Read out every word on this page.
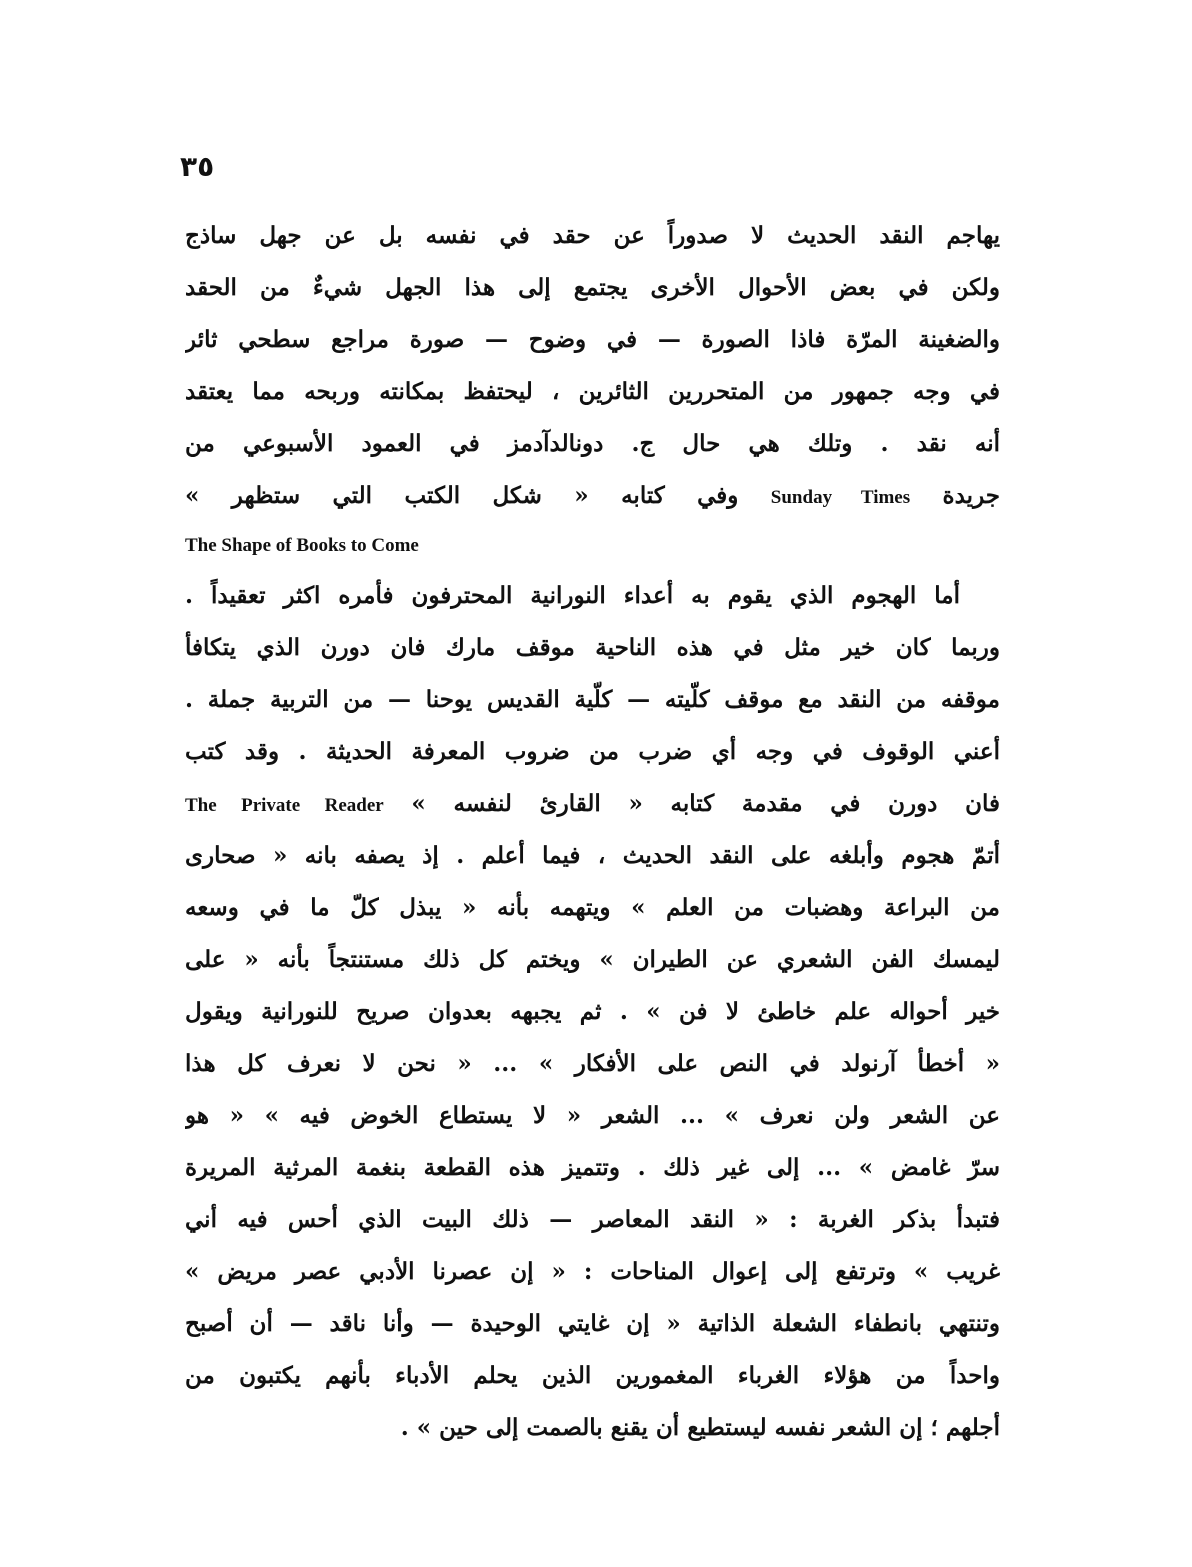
٣٥
يهاجم النقد الحديث لا صدوراً عن حقد في نفسه بل عن جهل ساذج
ولكن في بعض الأحوال الأخرى يجتمع إلى هذا الجهل شيءٌ من الحقد
والضغينة المرّة فاذا الصورة — في وضوح — صورة مراجع سطحي ثائر
في وجه جمهور من المتحررين الثائرين ، ليحتفظ بمكانته وربحه مما يعتقد
أنه نقد . وتلك هي حال ج. دونالدآدمز في العمود الأسبوعي من
جريدة Sunday Times وفي كتابه « شكل الكتب التي ستظهر »
The Shape of Books to Come
أما الهجوم الذي يقوم به أعداء النورانية المحترفون فأمره اكثر تعقيداً .
وربما كان خير مثل في هذه الناحية موقف مارك فان دورن الذي يتكافأ
موقفه من النقد مع موقف كلّيته — كلّية القديس يوحنا — من التربية جملة .
أعني الوقوف في وجه أي ضرب من ضروب المعرفة الحديثة . وقد كتب
فان دورن في مقدمة كتابه « القارئ لنفسه » The Private Reader
أتمّ هجوم وأبلغه على النقد الحديث ، فيما أعلم . إذ يصفه بانه « صحارى
من البراعة وهضبات من العلم » ويتهمه بأنه « يبذل كلّ ما في وسعه
ليمسك الفن الشعري عن الطيران » ويختم كل ذلك مستنتجاً بأنه « على
خير أحواله علم خاطئ لا فن » . ثم يجبهه بعدوان صريح للنورانية ويقول
« أخطأ آرنولد في النص على الأفكار » ... « نحن لا نعرف كل هذا
عن الشعر ولن نعرف » ... الشعر « لا يستطاع الخوض فيه » « هو
سرّ غامض » ... إلى غير ذلك . وتتميز هذه القطعة بنغمة المرثية المريرة
فتبدأ بذكر الغربة : « النقد المعاصر — ذلك البيت الذي أحس فيه أني
غريب » وترتفع إلى إعوال المناحات : « إن عصرنا الأدبي عصر مريض »
وتنتهي بانطفاء الشعلة الذاتية « إن غايتي الوحيدة — وأنا ناقد — أن أصبح
واحداً من هؤلاء الغرباء المغمورين الذين يحلم الأدباء بأنهم يكتبون من
أجلهم ؛ إن الشعر نفسه ليستطيع أن يقنع بالصمت إلى حين » .
